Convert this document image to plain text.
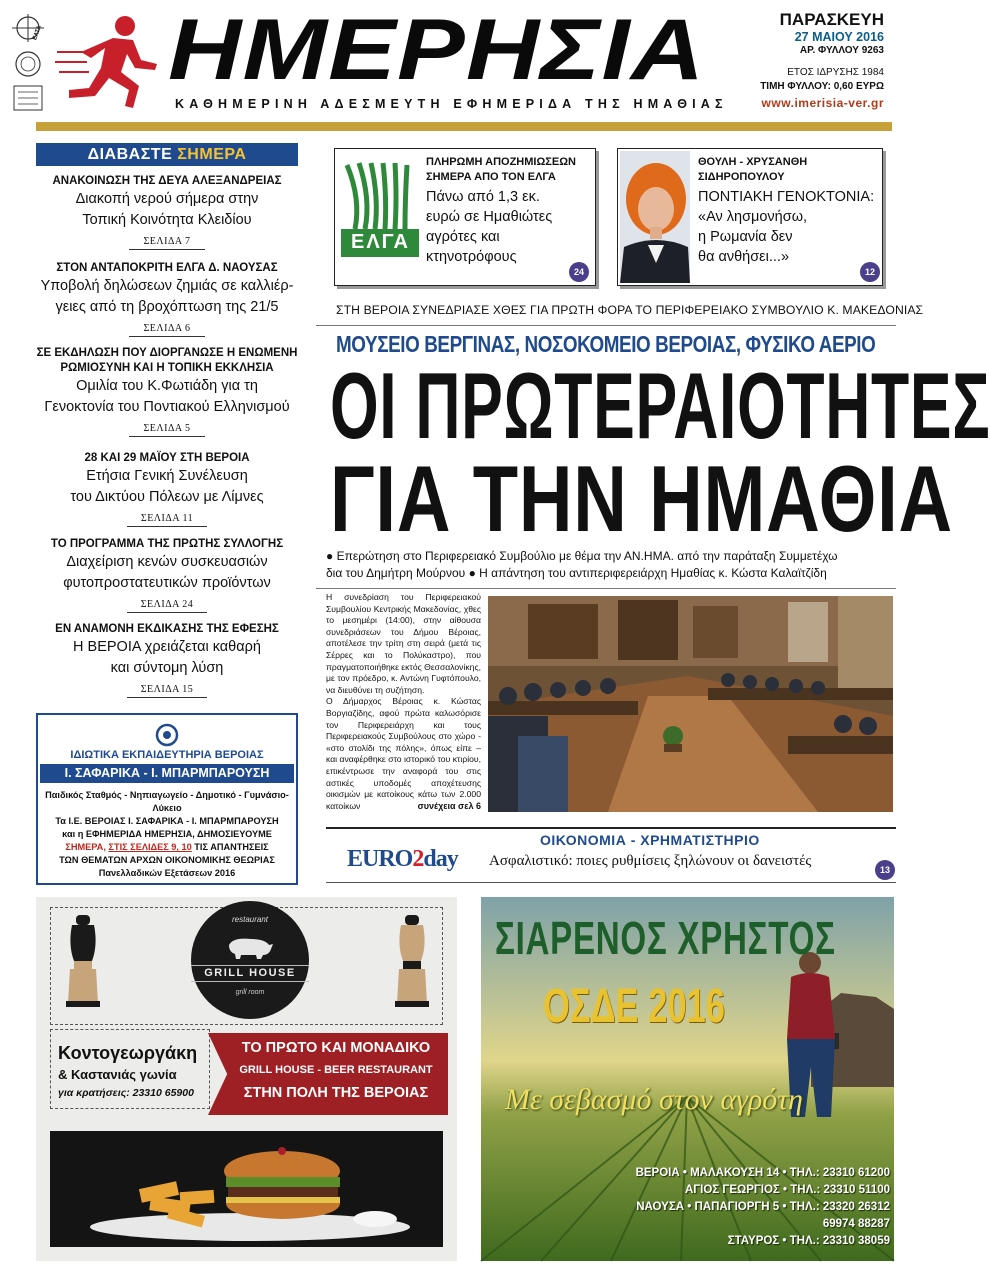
ΕΛΤΑ ΗΜΕΡΗΣΙΑ
ΚΑΘΗΜΕΡΙΝΗ ΑΔΕΣΜΕΥΤΗ ΕΦΗΜΕΡΙΔΑ ΤΗΣ ΗΜΑΘΙΑΣ
ΠΑΡΑΣΚΕΥΗ
27 ΜΑΙΟΥ 2016
ΑΡ. ΦΥΛΛΟΥ 9263
ΕΤΟΣ ΙΔΡΥΣΗΣ 1984
ΤΙΜΗ ΦΥΛΛΟΥ: 0,60 ΕΥΡΩ
www.imerisia-ver.gr
ΔΙΑΒΑΣΤΕ ΣΗΜΕΡΑ
ΑΝΑΚΟΙΝΩΣΗ ΤΗΣ ΔΕΥΑ ΑΛΕΞΑΝΔΡΕΙΑΣ
Διακοπή νερού σήμερα στην
Τοπική Κοινότητα Κλειδίου
ΣΕΛΙΔΑ 7
ΣΤΟΝ ΑΝΤΑΠΟΚΡΙΤΗ ΕΛΓΑ Δ. ΝΑΟΥΣΑΣ
Υποβολή δηλώσεων ζημιάς σε καλλιέρ-
γειες από τη βροχόπτωση της 21/5
ΣΕΛΙΔΑ 6
ΣΕ ΕΚΔΗΛΩΣΗ ΠΟΥ ΔΙΟΡΓΑΝΩΣΕ Η ΕΝΩΜΕΝΗ
ΡΩΜΙΟΣΥΝΗ ΚΑΙ Η ΤΟΠΙΚΗ ΕΚΚΛΗΣΙΑ
Ομιλία του Κ.Φωτιάδη για τη
Γενοκτονία του Ποντιακού Ελληνισμού
ΣΕΛΙΔΑ 5
28 ΚΑΙ 29 ΜΑΪΟΥ ΣΤΗ ΒΕΡΟΙΑ
Ετήσια Γενική Συνέλευση
του Δικτύου Πόλεων με Λίμνες
ΣΕΛΙΔΑ 11
ΤΟ ΠΡΟΓΡΑΜΜΑ ΤΗΣ ΠΡΩΤΗΣ ΣΥΛΛΟΓΗΣ
Διαχείριση κενών συσκευασιών
φυτοπροστατευτικών προϊόντων
ΣΕΛΙΔΑ 24
ΕΝ ΑΝΑΜΟΝΗ ΕΚΔΙΚΑΣΗΣ ΤΗΣ ΕΦΕΣΗΣ
Η ΒΕΡΟΙΑ χρειάζεται καθαρή
και σύντομη λύση
ΣΕΛΙΔΑ 15
ΙΔΙΩΤΙΚΑ ΕΚΠΑΙΔΕΥΤΗΡΙΑ ΒΕΡΟΙΑΣ
Ι. ΣΑΦΑΡΙΚΑ - Ι. ΜΠΑΡΜΠΑΡΟΥΣΗ
Παιδικός Σταθμός - Νηπιαγωγείο - Δημοτικό - Γυμνάσιο- Λύκειο
Τα Ι.Ε. ΒΕΡΟΙΑΣ Ι. ΣΑΦΑΡΙΚΑ - Ι. ΜΠΑΡΜΠΑΡΟΥΣΗ
και η ΕΦΗΜΕΡΙΔΑ ΗΜΕΡΗΣΙΑ, ΔΗΜΟΣΙΕΥΟΥΜΕ
ΣΗΜΕΡΑ, ΣΤΙΣ ΣΕΛΙΔΕΣ 9, 10 ΤΙΣ ΑΠΑΝΤΗΣΕΙΣ
ΤΩΝ ΘΕΜΑΤΩΝ ΑΡΧΩΝ ΟΙΚΟΝΟΜΙΚΗΣ ΘΕΩΡΙΑΣ
Πανελλαδικών Εξετάσεων 2016
ΕΛΓΑ
ΠΛΗΡΩΜΗ ΑΠΟΖΗΜΙΩΣΕΩΝ
ΣΗΜΕΡΑ ΑΠΟ ΤΟΝ ΕΛΓΑ
Πάνω από 1,3 εκ.
ευρώ σε Ημαθιώτες
αγρότες και
κτηνοτρόφους
24
ΘΟΥΛΗ - ΧΡΥΣΑΝΘΗ
ΣΙΔΗΡΟΠΟΥΛΟΥ
ΠΟΝΤΙΑΚΗ ΓΕΝΟΚΤΟΝΙΑ:
«Αν λησμονήσω,
η Ρωμανία δεν
θα ανθήσει...»
12
ΣΤΗ ΒΕΡΟΙΑ ΣΥΝΕΔΡΙΑΣΕ ΧΘΕΣ ΓΙΑ ΠΡΩΤΗ ΦΟΡΑ ΤΟ ΠΕΡΙΦΕΡΕΙΑΚΟ ΣΥΜΒΟΥΛΙΟ Κ. ΜΑΚΕΔΟΝΙΑΣ
ΜΟΥΣΕΙΟ ΒΕΡΓΙΝΑΣ, ΝΟΣΟΚΟΜΕΙΟ ΒΕΡΟΙΑΣ, ΦΥΣΙΚΟ ΑΕΡΙΟ
ΟΙ ΠΡΩΤΕΡΑΙΟΤΗΤΕΣ
ΓΙΑ ΤΗΝ ΗΜΑΘΙΑ
● Επερώτηση στο Περιφερειακό Συμβούλιο με θέμα την ΑΝ.ΗΜΑ. από την παράταξη Συμμετέχω
δια του Δημήτρη Μούρνου ● Η απάντηση του αντιπεριφερειάρχη Ημαθίας κ. Κώστα Καλαϊτζίδη

Η συνεδρίαση του Περιφερειακού Συμβουλίου Κεντρικής Μακεδονίας, χθες το μεσημέρι (14:00), στην αίθουσα συνεδριάσεων του Δήμου Βέροιας, αποτέλεσε την τρίτη στη σειρά (μετά τις Σέρρες και το Πολύκαστρο), που πραγματοποιήθηκε εκτός Θεσσαλονίκης, με τον πρόεδρο, κ. Αντώνη Γυφτόπουλο, να διευθύνει τη συζήτηση.

Ο Δήμαρχος Βέροιας κ. Κώστας Βοργιαζίδης, αφού πρώτα καλωσόρισε τον Περιφερειάρχη και τους Περιφερειακούς Συμβούλους στο χώρο - «στο στολίδι της πόλης», όπως είπε – και αναφέρθηκε στο ιστορικό του κτιρίου, επικέντρωσε την αναφορά του στις αστικές υποδομές αποχέτευσης οικισμών με κατοίκους κάτω των 2.000 κατοίκων	συνέχεια σελ 6
ΟΙΚΟΝΟΜΙΑ - ΧΡΗΜΑΤΙΣΤΗΡΙΟ
EURO2day Ασφαλιστικό: ποιες ρυθμίσεις ξηλώνουν οι δανειστές
13
restaurant
GRILL HOUSE
grill room
Κοντογεωργάκη
& Καστανιάς γωνία
για κρατήσεις: 23310 65900
ΤΟ ΠΡΩΤΟ ΚΑΙ ΜΟΝΑΔΙΚΟ
GRILL HOUSE - BEER RESTAURANT
ΣΤΗΝ ΠΟΛΗ ΤΗΣ ΒΕΡΟΙΑΣ
ΣΙΑΡΕΝΟΣ ΧΡΗΣΤΟΣ
ΟΣΔΕ 2016
Με σεβασμό στον αγρότη
ΒΕΡΟΙΑ • ΜΑΛΑΚΟΥΣΗ 14 • ΤΗΛ.: 23310 61200
ΑΓΙΟΣ ΓΕΩΡΓΙΟΣ • ΤΗΛ.: 23310 51100
ΝΑΟΥΣΑ • ΠΑΠΑΓΙΟΡΓΗ 5 • ΤΗΛ.: 23320 26312
69974 88287
ΣΤΑΥΡΟΣ • ΤΗΛ.: 23310 38059
